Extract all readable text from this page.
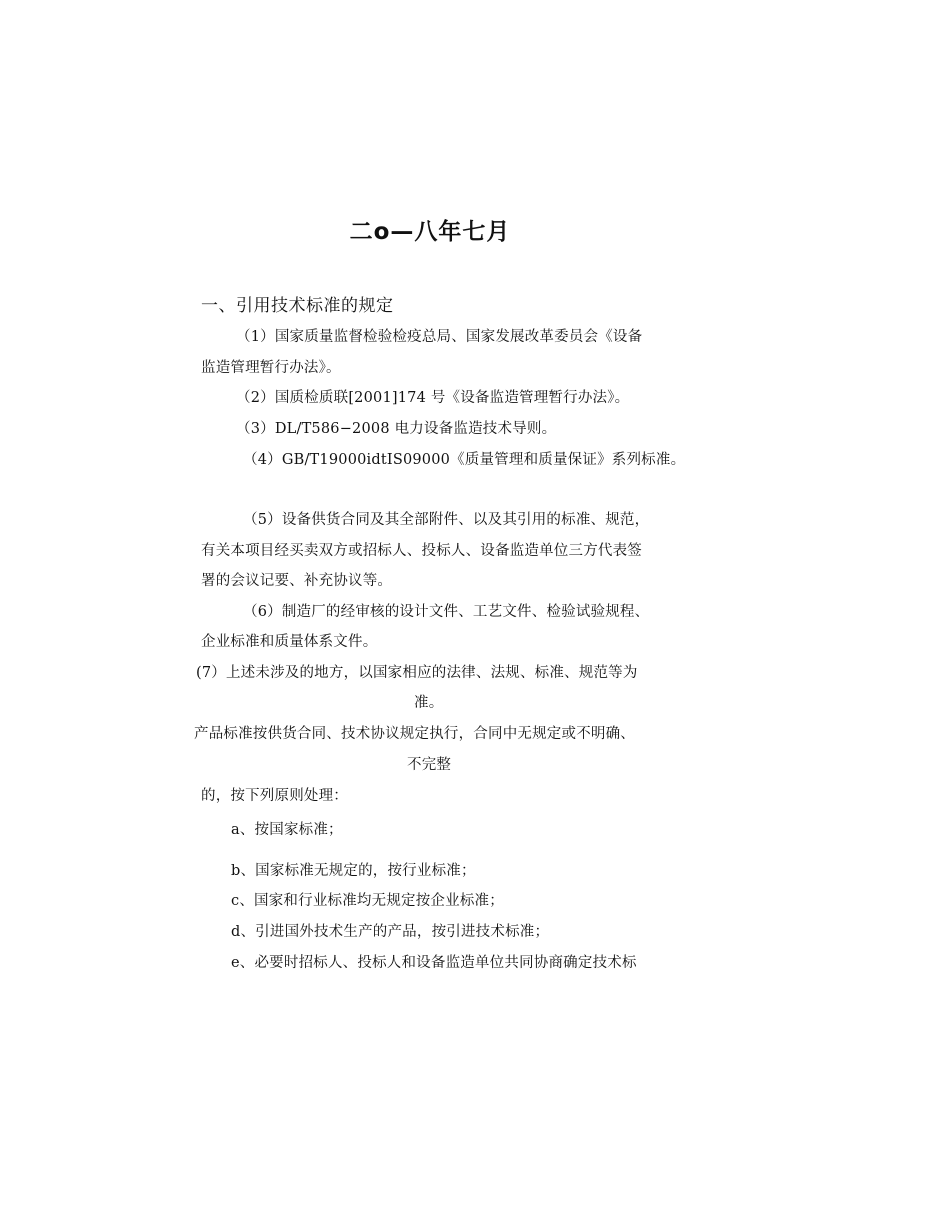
二o—八年七月
一、引用技术标准的规定
（1）国家质量监督检验检疫总局、国家发展改革委员会《设备
监造管理暂行办法》。
（2）国质检质联[2001]174 号《设备监造管理暂行办法》。
（3）DL/T586−2008 电力设备监造技术导则。
（4）GB/T19000idtIS09000《质量管理和质量保证》系列标准。
（5）设备供货合同及其全部附件、以及其引用的标准、规范，
有关本项目经买卖双方或招标人、投标人、设备监造单位三方代表签
署的会议记要、补充协议等。
（6）制造厂的经审核的设计文件、工艺文件、检验试验规程、
企业标准和质量体系文件。
(7）上述未涉及的地方，以国家相应的法律、法规、标准、规范等为
准。
产品标准按供货合同、技术协议规定执行，合同中无规定或不明确、
不完整
的，按下列原则处理：
a、按国家标准；
b、国家标准无规定的，按行业标准；
c、国家和行业标准均无规定按企业标准；
d、引进国外技术生产的产品，按引进技术标准；
e、必要时招标人、投标人和设备监造单位共同协商确定技术标
